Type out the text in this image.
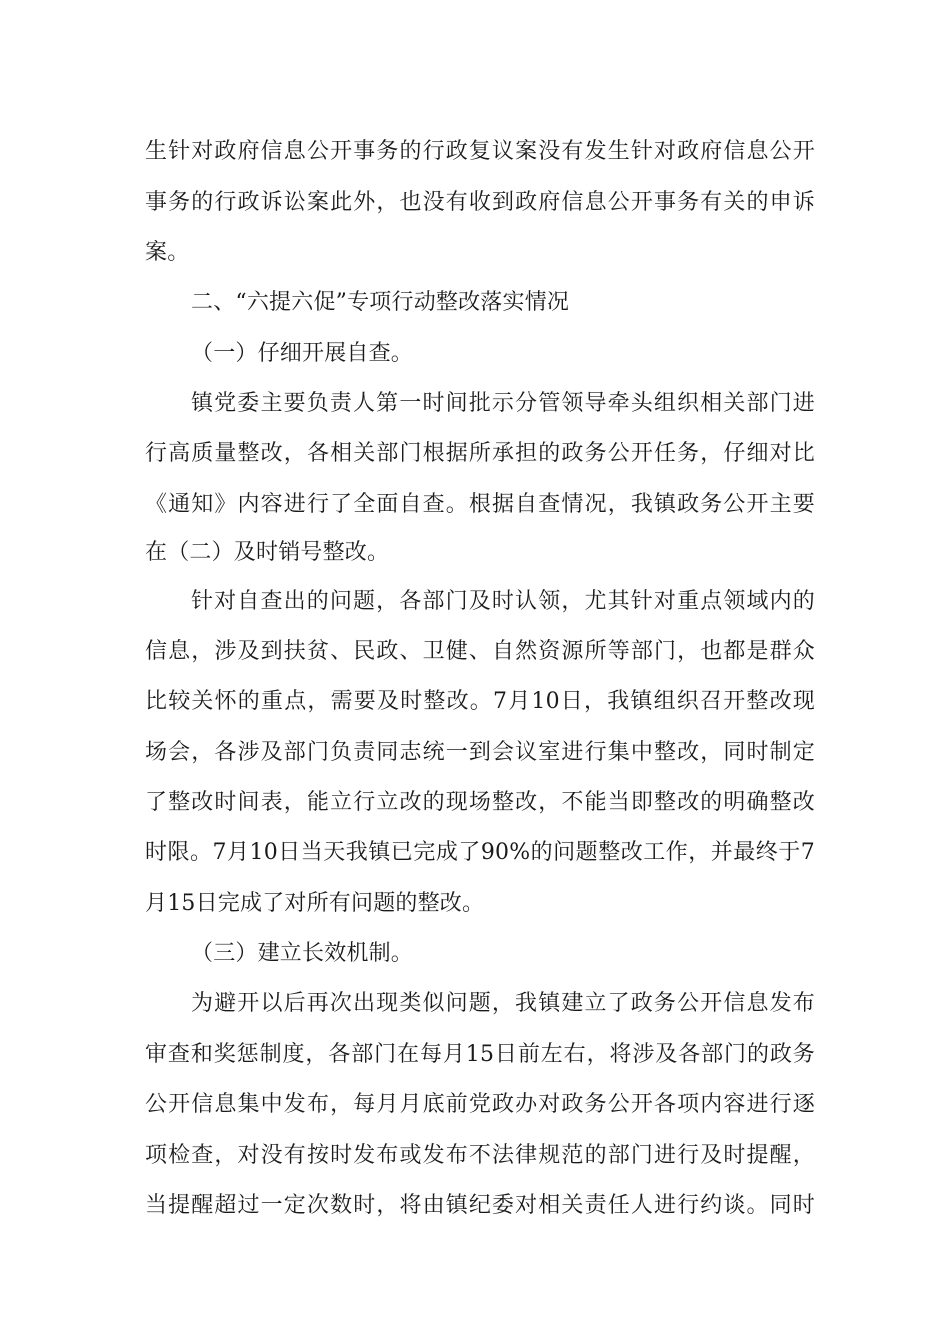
生针对政府信息公开事务的行政复议案没有发生针对政府信息公开
事务的行政诉讼案此外，也没有收到政府信息公开事务有关的申诉
案。
二、“六提六促”专项行动整改落实情况
（一）仔细开展自查。
镇党委主要负责人第一时间批示分管领导牵头组织相关部门进
行高质量整改，各相关部门根据所承担的政务公开任务，仔细对比
《通知》内容进行了全面自查。根据自查情况，我镇政务公开主要
在（二）及时销号整改。
针对自查出的问题，各部门及时认领，尤其针对重点领域内的
信息，涉及到扶贫、民政、卫健、自然资源所等部门，也都是群众
比较关怀的重点，需要及时整改。7月10日，我镇组织召开整改现
场会，各涉及部门负责同志统一到会议室进行集中整改，同时制定
了整改时间表，能立行立改的现场整改，不能当即整改的明确整改
时限。7月10日当天我镇已完成了90%的问题整改工作，并最终于7
月15日完成了对所有问题的整改。
（三）建立长效机制。
为避开以后再次出现类似问题，我镇建立了政务公开信息发布
审查和奖惩制度，各部门在每月15日前左右，将涉及各部门的政务
公开信息集中发布，每月月底前党政办对政务公开各项内容进行逐
项检查，对没有按时发布或发布不法律规范的部门进行及时提醒，
当提醒超过一定次数时，将由镇纪委对相关责任人进行约谈。同时
